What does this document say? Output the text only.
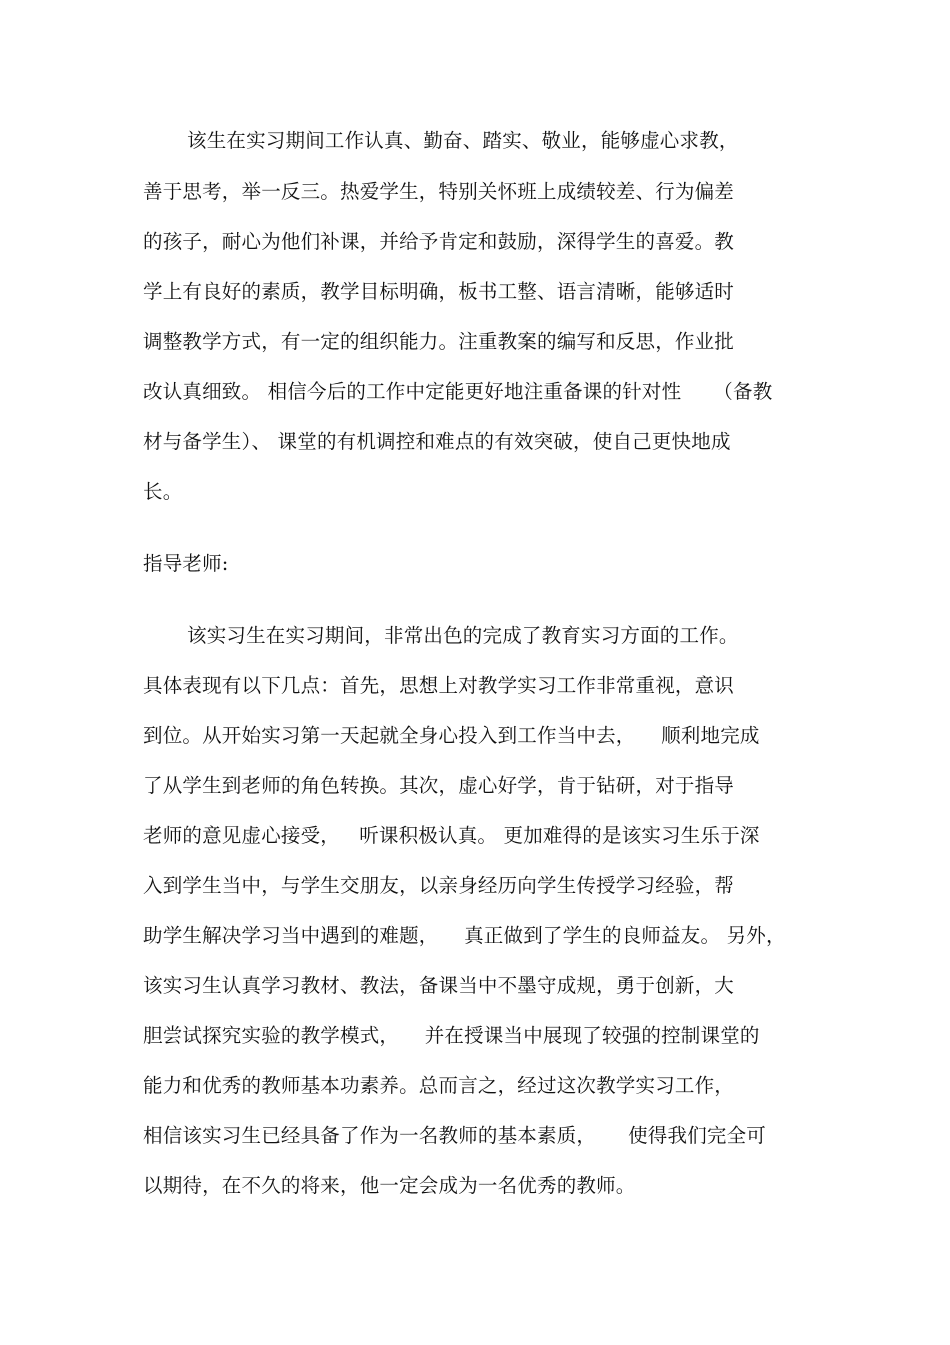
该生在实习期间工作认真、勤奋、踏实、敬业，能够虚心求教，
善于思考，举一反三。热爱学生，特别关怀班上成绩较差、行为偏差
的孩子，耐心为他们补课，并给予肯定和鼓励，深得学生的喜爱。教
学上有良好的素质，教学目标明确，板书工整、语言清晰，能够适时
调整教学方式，有一定的组织能力。注重教案的编写和反思，作业批
改认真细致。 相信今后的工作中定能更好地注重备课的针对性     （备教
材与备学生）、 课堂的有机调控和难点的有效突破，使自己更快地成
长。
指导老师:
该实习生在实习期间，非常出色的完成了教育实习方面的工作。
具体表现有以下几点：首先，思想上对教学实习工作非常重视，意识
到位。从开始实习第一天起就全身心投入到工作当中去，    顺利地完成
了从学生到老师的角色转换。其次，虚心好学，肯于钻研，对于指导
老师的意见虚心接受，   听课积极认真。 更加难得的是该实习生乐于深
入到学生当中，与学生交朋友，以亲身经历向学生传授学习经验，帮
助学生解决学习当中遇到的难题，    真正做到了学生的良师益友。 另外，
该实习生认真学习教材、教法，备课当中不墨守成规，勇于创新，大
胆尝试探究实验的教学模式，    并在授课当中展现了较强的控制课堂的
能力和优秀的教师基本功素养。总而言之，经过这次教学实习工作，
相信该实习生已经具备了作为一名教师的基本素质，     使得我们完全可
以期待，在不久的将来，他一定会成为一名优秀的教师。
